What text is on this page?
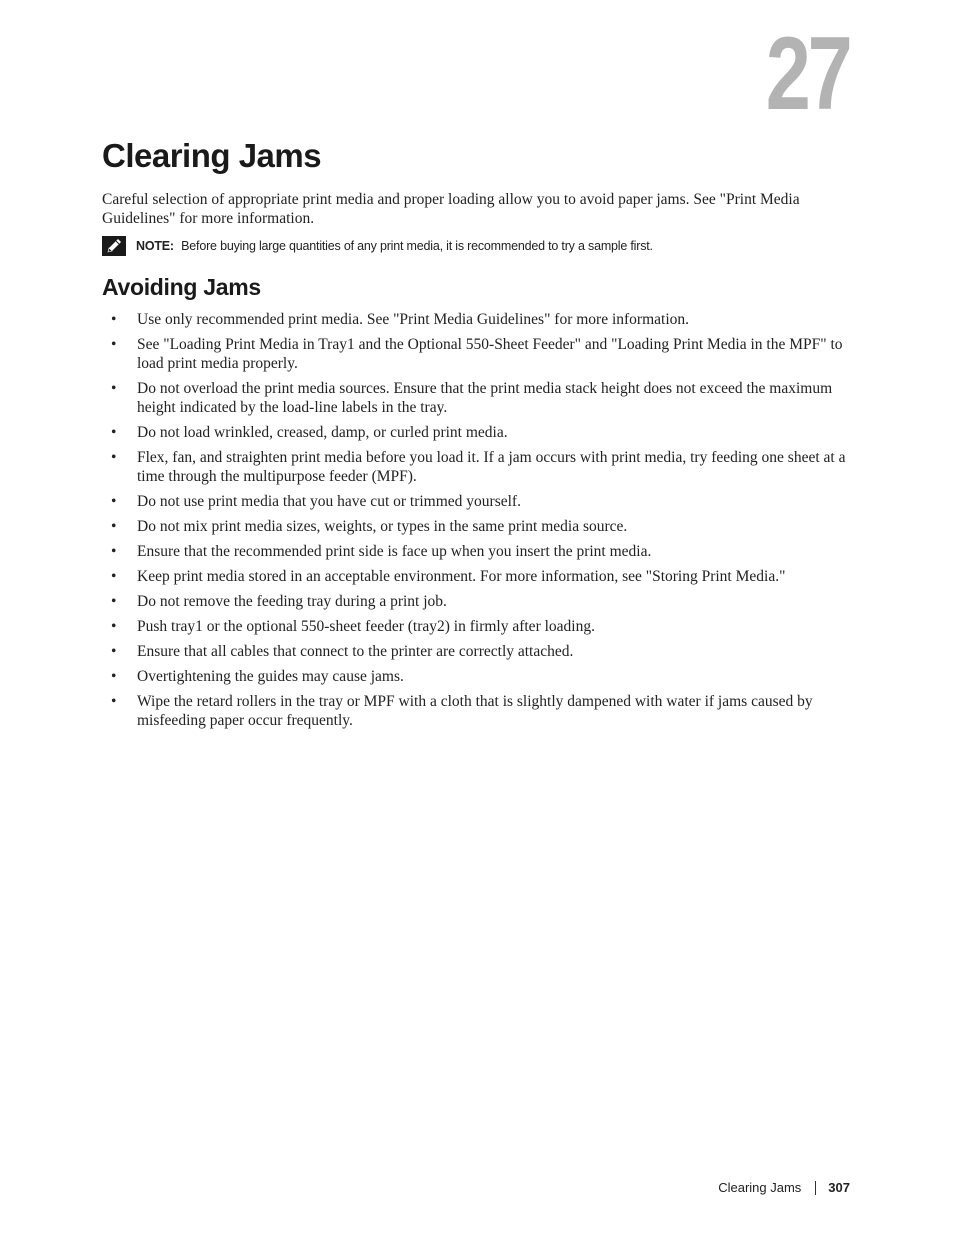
27
Clearing Jams

Careful selection of appropriate print media and proper loading allow you to avoid paper jams. See "Print Media Guidelines" for more information.

NOTE: Before buying large quantities of any print media, it is recommended to try a sample first.
Avoiding Jams
• Use only recommended print media. See "Print Media Guidelines" for more information.
• See "Loading Print Media in Tray1 and the Optional 550-Sheet Feeder" and "Loading Print Media in the MPF" to load print media properly.
• Do not overload the print media sources. Ensure that the print media stack height does not exceed the maximum height indicated by the load-line labels in the tray.
• Do not load wrinkled, creased, damp, or curled print media.
• Flex, fan, and straighten print media before you load it. If a jam occurs with print media, try feeding one sheet at a time through the multipurpose feeder (MPF).
• Do not use print media that you have cut or trimmed yourself.
• Do not mix print media sizes, weights, or types in the same print media source.
• Ensure that the recommended print side is face up when you insert the print media.
• Keep print media stored in an acceptable environment. For more information, see "Storing Print Media."
• Do not remove the feeding tray during a print job.
• Push tray1 or the optional 550-sheet feeder (tray2) in firmly after loading.
• Ensure that all cables that connect to the printer are correctly attached.
• Overtightening the guides may cause jams.
• Wipe the retard rollers in the tray or MPF with a cloth that is slightly dampened with water if jams caused by misfeeding paper occur frequently.
Clearing Jams 307
